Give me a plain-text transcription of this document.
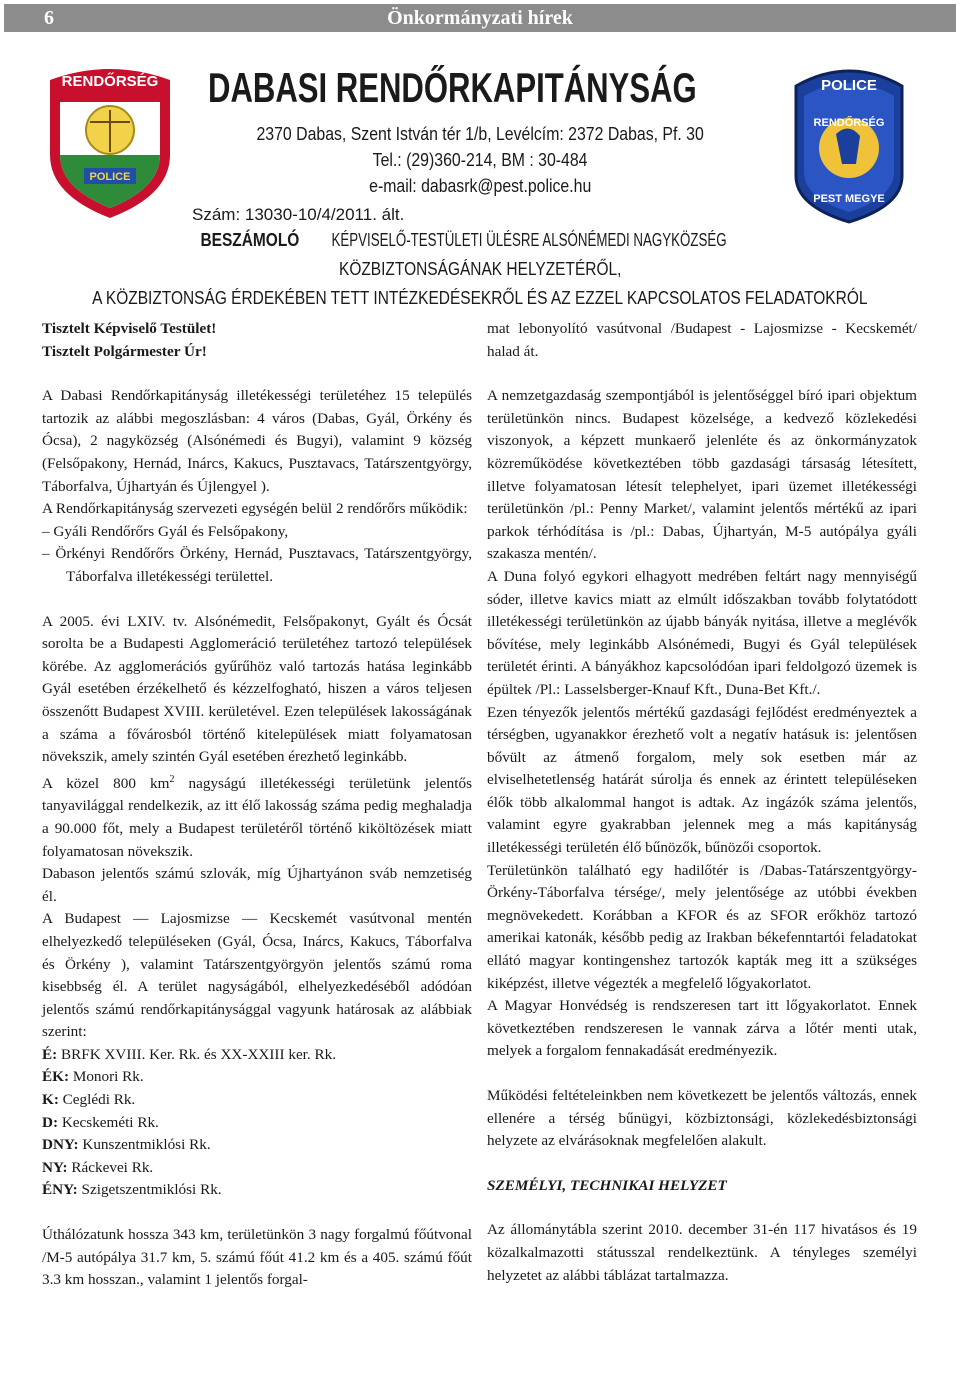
6	Önkormányzati hírek
RENDŐRSÉG
POLICE
POLICE
RENDŐRSÉG
PEST MEGYE
DABASI RENDŐRKAPITÁNYSÁG
2370 Dabas, Szent István tér 1/b, Levélcím: 2372 Dabas, Pf. 30
Tel.: (29)360-214, BM : 30-484
e-mail: dabasrk@pest.police.hu
Szám: 13030-10/4/2011. ált.
BESZÁMOLÓKÉPVISELŐ-TESTÜLETI ÜLÉSRE ALSÓNÉMEDI NAGYKÖZSÉG
KÖZBIZTONSÁGÁNAK HELYZETÉRŐL,
A KÖZBIZTONSÁG ÉRDEKÉBEN TETT INTÉZKEDÉSEKRŐL ÉS AZ EZZEL KAPCSOLATOS FELADATOKRÓL

Tisztelt Képviselő Testület!

Tisztelt Polgármester Úr!

A Dabasi Rendőrkapitányság illetékességi területéhez 15 település tartozik az alábbi megoszlásban: 4 város (Dabas, Gyál, Örkény és Ócsa), 2 nagyközség (Alsónémedi és Bugyi), valamint 9 község (Felsőpakony, Hernád, Inárcs, Kakucs, Pusztavacs, Tatárszentgyörgy, Táborfalva, Újhartyán és Újlengyel ).

A Rendőrkapitányság szervezeti egységén belül 2 rendőrőrs működik:

– Gyáli Rendőrőrs Gyál és Felsőpakony,

– Örkényi Rendőrőrs Örkény, Hernád, Pusztavacs, Tatárszentgyörgy, Táborfalva illetékességi területtel.

A 2005. évi LXIV. tv. Alsónémedit, Felsőpakonyt, Gyált és Ócsát sorolta be a Budapesti Agglomeráció területéhez tartozó települések körébe. Az agglomerációs gyűrűhöz való tartozás hatása leginkább Gyál esetében érzékelhető és kézzelfogható, hiszen a város teljesen összenőtt Budapest XVIII. kerületével. Ezen települések lakosságának a száma a fővárosból történő kitelepülések miatt folyamatosan növekszik, amely szintén Gyál esetében érezhető leginkább.

A közel 800 $km^2$ nagyságú illetékességi területünk jelentős tanyavilággal rendelkezik, az itt élő lakosság száma pedig meghaladja a 90.000 főt, mely a Budapest területéről történő kiköltözések miatt folyamatosan növekszik.

Dabason jelentős számú szlovák, míg Újhartyánon sváb nemzetiség él.

A Budapest — Lajosmizse — Kecskemét vasútvonal mentén elhelyezkedő településeken (Gyál, Ócsa, Inárcs, Kakucs, Táborfalva és Örkény ), valamint Tatárszentgyörgyön jelentős számú roma kisebbség él. A terület nagyságából, elhelyezkedéséből adódóan jelentős számú rendőrkapitánysággal vagyunk határosak az alábbiak szerint:

É: BRFK XVIII. Ker. Rk. és XX-XXIII ker. Rk.

ÉK: Monori Rk.

K: Ceglédi Rk.

D: Kecskeméti Rk.

DNY: Kunszentmiklósi Rk.

NY: Ráckevei Rk.

ÉNY: Szigetszentmiklósi Rk.

Úthálózatunk hossza 343 km, területünkön 3 nagy forgalmú főútvonal /M-5 autópálya 31.7 km, 5. számú főút 41.2 km és a 405. számú főút 3.3 km hosszan., valamint 1 jelentős forgal-

mat lebonyolító vasútvonal /Budapest - Lajosmizse - Kecskemét/ halad át.

A nemzetgazdaság szempontjából is jelentőséggel bíró ipari objektum területünkön nincs. Budapest közelsége, a kedvező közlekedési viszonyok, a képzett munkaerő jelenléte és az önkormányzatok közreműködése következtében több gazdasági társaság létesített, illetve folyamatosan létesít telephelyet, ipari üzemet illetékességi területünkön /pl.: Penny Market/, valamint jelentős mértékű az ipari parkok térhódítása is /pl.: Dabas, Újhartyán, M-5 autópálya gyáli szakasza mentén/.

A Duna folyó egykori elhagyott medrében feltárt nagy mennyiségű sóder, illetve kavics miatt az elmúlt időszakban tovább folytatódott illetékességi területünkön az újabb bányák nyitása, illetve a meglévők bővítése, mely leginkább Alsónémedi, Bugyi és Gyál települések területét érinti. A bányákhoz kapcsolódóan ipari feldolgozó üzemek is épültek /Pl.: Lasselsberger-Knauf Kft., Duna-Bet Kft./.

Ezen tényezők jelentős mértékű gazdasági fejlődést eredményeztek a térségben, ugyanakkor érezhető volt a negatív hatásuk is: jelentősen bővült az átmenő forgalom, mely sok esetben már az elviselhetetlenség határát súrolja és ennek az érintett településeken élők több alkalommal hangot is adtak. Az ingázók száma jelentős, valamint egyre gyakrabban jelennek meg a más kapitányság illetékességi területén élő bűnözők, bűnözői csoportok.

Területünkön található egy hadilőtér is /Dabas-Tatárszentgyörgy-Örkény-Táborfalva térsége/, mely jelentősége az utóbbi években megnövekedett. Korábban a KFOR és az SFOR erőkhöz tartozó amerikai katonák, később pedig az Irakban békefenntartói feladatokat ellátó magyar kontingenshez tartozók kapták meg itt a szükséges kiképzést, illetve végezték a megfelelő lőgyakorlatot.

A Magyar Honvédség is rendszeresen tart itt lőgyakorlatot. Ennek következtében rendszeresen le vannak zárva a lőtér menti utak, melyek a forgalom fennakadását eredményezik.

Működési feltételeinkben nem következett be jelentős változás, ennek ellenére a térség bűnügyi, közbiztonsági, közlekedésbiztonsági helyzete az elvárásoknak megfelelően alakult.

SZEMÉLYI, TECHNIKAI HELYZET

Az állománytábla szerint 2010. december 31-én 117 hivatásos és 19 közalkalmazotti státusszal rendelkeztünk. A tényleges személyi helyzetet az alábbi táblázat tartalmazza.
